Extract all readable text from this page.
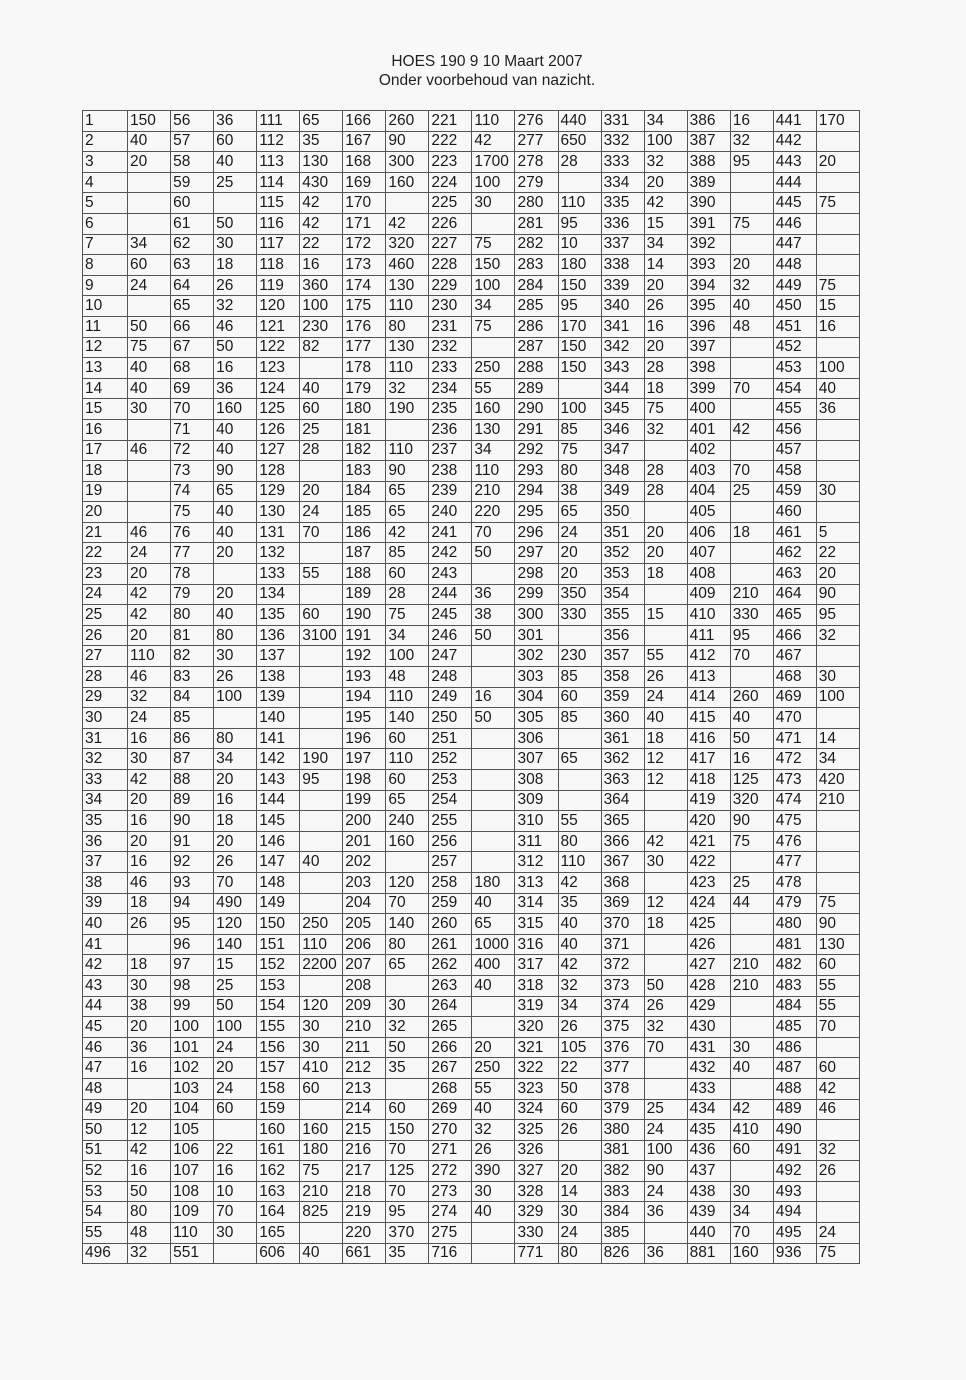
HOES 190 9 10 Maart 2007
Onder voorbehoud van nazicht.
1	150	56	36	111	65	166	260	221	110	276	440	331	34	386	16	441	170
2	40	57	60	112	35	167	90	222	42	277	650	332	100	387	32	442	
3	20	58	40	113	130	168	300	223	1700	278	28	333	32	388	95	443	20
4		59	25	114	430	169	160	224	100	279		334	20	389		444	
5		60		115	42	170		225	30	280	110	335	42	390		445	75
6		61	50	116	42	171	42	226		281	95	336	15	391	75	446	
7	34	62	30	117	22	172	320	227	75	282	10	337	34	392		447	
8	60	63	18	118	16	173	460	228	150	283	180	338	14	393	20	448	
9	24	64	26	119	360	174	130	229	100	284	150	339	20	394	32	449	75
10		65	32	120	100	175	110	230	34	285	95	340	26	395	40	450	15
11	50	66	46	121	230	176	80	231	75	286	170	341	16	396	48	451	16
12	75	67	50	122	82	177	130	232		287	150	342	20	397		452	
13	40	68	16	123		178	110	233	250	288	150	343	28	398		453	100
14	40	69	36	124	40	179	32	234	55	289		344	18	399	70	454	40
15	30	70	160	125	60	180	190	235	160	290	100	345	75	400		455	36
16		71	40	126	25	181		236	130	291	85	346	32	401	42	456	
17	46	72	40	127	28	182	110	237	34	292	75	347		402		457	
18		73	90	128		183	90	238	110	293	80	348	28	403	70	458	
19		74	65	129	20	184	65	239	210	294	38	349	28	404	25	459	30
20		75	40	130	24	185	65	240	220	295	65	350		405		460	
21	46	76	40	131	70	186	42	241	70	296	24	351	20	406	18	461	5
22	24	77	20	132		187	85	242	50	297	20	352	20	407		462	22
23	20	78		133	55	188	60	243		298	20	353	18	408		463	20
24	42	79	20	134		189	28	244	36	299	350	354		409	210	464	90
25	42	80	40	135	60	190	75	245	38	300	330	355	15	410	330	465	95
26	20	81	80	136	3100	191	34	246	50	301		356		411	95	466	32
27	110	82	30	137		192	100	247		302	230	357	55	412	70	467	
28	46	83	26	138		193	48	248		303	85	358	26	413		468	30
29	32	84	100	139		194	110	249	16	304	60	359	24	414	260	469	100
30	24	85		140		195	140	250	50	305	85	360	40	415	40	470	
31	16	86	80	141		196	60	251		306		361	18	416	50	471	14
32	30	87	34	142	190	197	110	252		307	65	362	12	417	16	472	34
33	42	88	20	143	95	198	60	253		308		363	12	418	125	473	420
34	20	89	16	144		199	65	254		309		364		419	320	474	210
35	16	90	18	145		200	240	255		310	55	365		420	90	475	
36	20	91	20	146		201	160	256		311	80	366	42	421	75	476	
37	16	92	26	147	40	202		257		312	110	367	30	422		477	
38	46	93	70	148		203	120	258	180	313	42	368		423	25	478	
39	18	94	490	149		204	70	259	40	314	35	369	12	424	44	479	75
40	26	95	120	150	250	205	140	260	65	315	40	370	18	425		480	90
41		96	140	151	110	206	80	261	1000	316	40	371		426		481	130
42	18	97	15	152	2200	207	65	262	400	317	42	372		427	210	482	60
43	30	98	25	153		208		263	40	318	32	373	50	428	210	483	55
44	38	99	50	154	120	209	30	264		319	34	374	26	429		484	55
45	20	100	100	155	30	210	32	265		320	26	375	32	430		485	70
46	36	101	24	156	30	211	50	266	20	321	105	376	70	431	30	486	
47	16	102	20	157	410	212	35	267	250	322	22	377		432	40	487	60
48		103	24	158	60	213		268	55	323	50	378		433		488	42
49	20	104	60	159		214	60	269	40	324	60	379	25	434	42	489	46
50	12	105		160	160	215	150	270	32	325	26	380	24	435	410	490	
51	42	106	22	161	180	216	70	271	26	326		381	100	436	60	491	32
52	16	107	16	162	75	217	125	272	390	327	20	382	90	437		492	26
53	50	108	10	163	210	218	70	273	30	328	14	383	24	438	30	493	
54	80	109	70	164	825	219	95	274	40	329	30	384	36	439	34	494	
55	48	110	30	165		220	370	275		330	24	385		440	70	495	24
496	32	551		606	40	661	35	716		771	80	826	36	881	160	936	75
